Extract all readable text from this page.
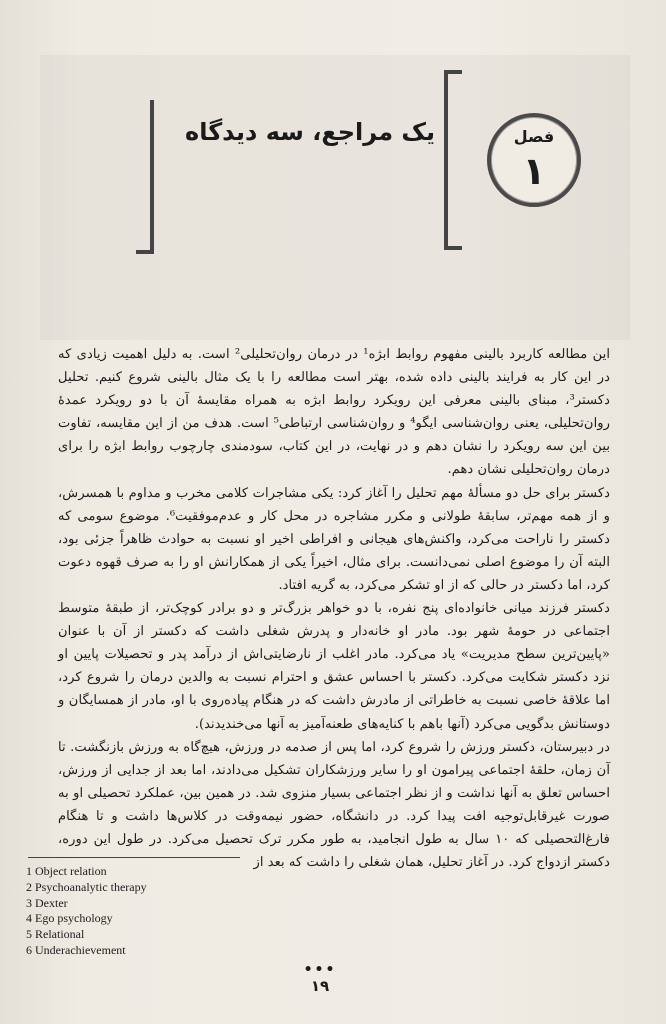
یک مراجع، سه دیدگاه	فصل
۱

این مطالعه کاربرد بالینی مفهوم روابط ابژه¹ در درمان روان‌تحلیلی² است. به دلیل اهمیت زیادی که در این کار به فرایند بالینی داده شده، بهتر است مطالعه را با یک مثال بالینی شروع کنیم. تحلیل دکستر³، مبنای بالینی معرفی این رویکرد روابط ابژه به همراه مقایسهٔ آن با دو رویکرد عمدهٔ روان‌تحلیلی، یعنی روان‌شناسی ایگو⁴ و روان‌شناسی ارتباطی⁵ است. هدف من از این مقایسه، تفاوت بین این سه رویکرد را نشان دهم و در نهایت، در این کتاب، سودمندی چارچوب روابط ابژه را برای درمان روان‌تحلیلی نشان دهم.

دکستر برای حل دو مسألهٔ مهم تحلیل را آغاز کرد: یکی مشاجرات کلامی مخرب و مداوم با همسرش، و از همه مهم‌تر، سابقهٔ طولانی و مکرر مشاجره در محل کار و عدم‌موفقیت⁶. موضوع سومی که دکستر را ناراحت می‌کرد، واکنش‌های هیجانی و افراطی اخیر او نسبت به حوادث ظاهراً جزئی بود، البته آن را موضوع اصلی نمی‌دانست. برای مثال، اخیراً یکی از همکارانش او را به صرف قهوه دعوت کرد، اما دکستر در حالی که از او تشکر می‌کرد، به گریه افتاد.

دکستر فرزند میانی خانواده‌ای پنج نفره، با دو خواهر بزرگ‌تر و دو برادر کوچک‌تر، از طبقهٔ متوسط اجتماعی در حومهٔ شهر بود. مادر او خانه‌دار و پدرش شغلی داشت که دکستر از آن با عنوان «پایین‌ترین سطح مدیریت» یاد می‌کرد. مادر اغلب از نارضایتی‌اش از درآمد پدر و تحصیلات پایین او نزد دکستر شکایت می‌کرد. دکستر با احساس عشق و احترام نسبت به والدین درمان را شروع کرد، اما علاقهٔ خاصی نسبت به خاطراتی از مادرش داشت که در هنگام پیاده‌روی با او، مادر از همسایگان و دوستانش بدگویی می‌کرد (آنها باهم با کنایه‌های طعنه‌آمیز به آنها می‌خندیدند).

در دبیرستان، دکستر ورزش را شروع کرد، اما پس از صدمه در ورزش، هیچ‌گاه به ورزش بازنگشت. تا آن زمان، حلقهٔ اجتماعی پیرامون او را سایر ورزشکاران تشکیل می‌دادند، اما بعد از جدایی از ورزش، احساس تعلق به آنها نداشت و از نظر اجتماعی بسیار منزوی شد. در همین بین، عملکرد تحصیلی او به صورت غیرقابل‌توجیه افت پیدا کرد. در دانشگاه، حضور نیمه‌وقت در کلاس‌ها داشت و تا هنگام فارغ‌التحصیلی که ۱۰ سال به طول انجامید، به طور مکرر ترک تحصیل می‌کرد. در طول این دوره، دکستر ازدواج کرد. در آغاز تحلیل، همان شغلی را داشت که بعد از

1 Object relation
2 Psychoanalytic therapy
3 Dexter
4 Ego psychology
5 Relational
6 Underachievement
•••
۱۹
